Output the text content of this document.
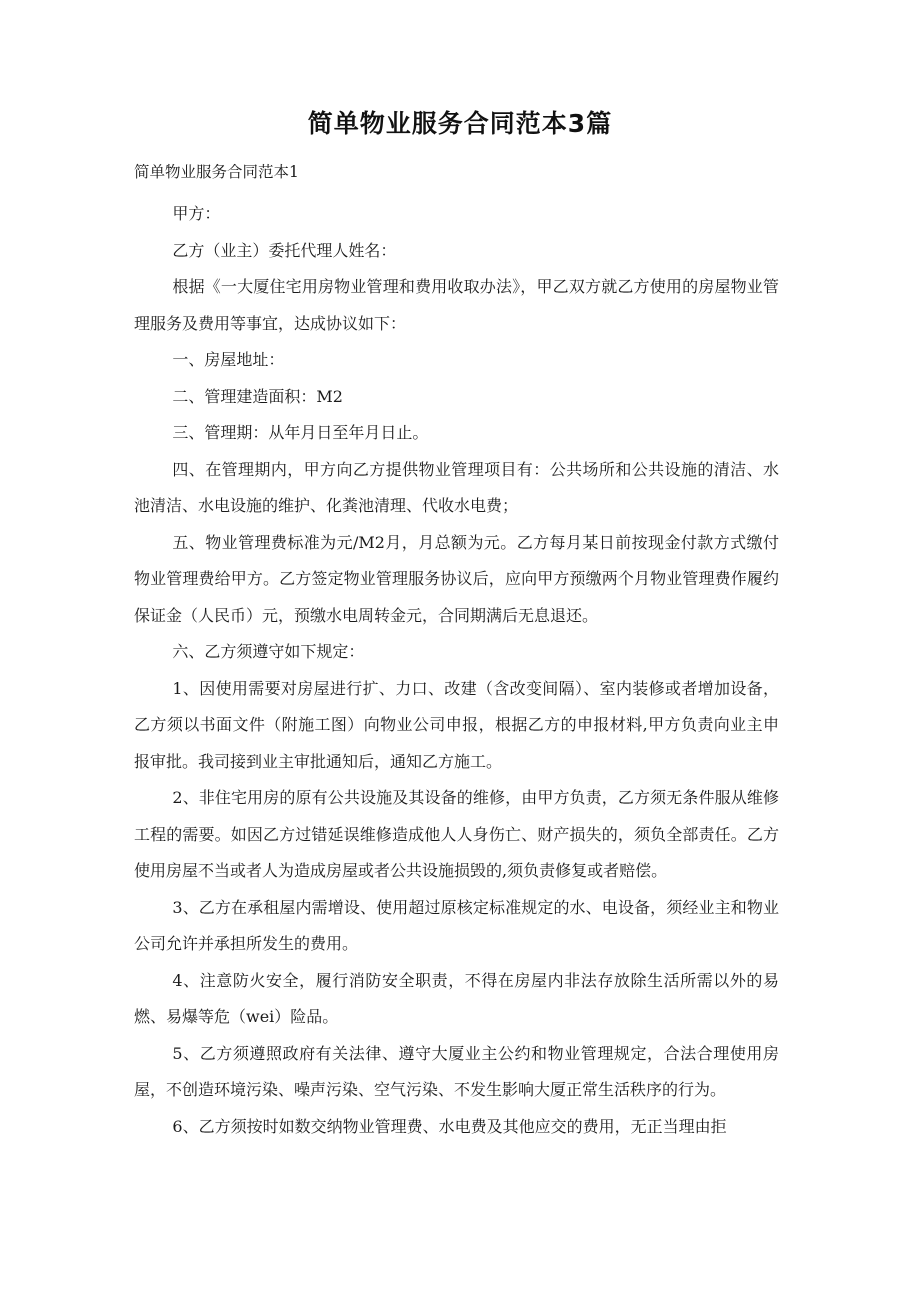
简单物业服务合同范本3篇
简单物业服务合同范本1

甲方：

乙方（业主）委托代理人姓名：

根据《一大厦住宅用房物业管理和费用收取办法》，甲乙双方就乙方使用的房屋物业管理服务及费用等事宜，达成协议如下：

一、房屋地址：

二、管理建造面积：M2

三、管理期：从年月日至年月日止。

四、在管理期内，甲方向乙方提供物业管理项目有：公共场所和公共设施的清洁、水池清洁、水电设施的维护、化粪池清理、代收水电费；

五、物业管理费标准为元/M2月，月总额为元。乙方每月某日前按现金付款方式缴付物业管理费给甲方。乙方签定物业管理服务协议后，应向甲方预缴两个月物业管理费作履约保证金（人民币）元，预缴水电周转金元，合同期满后无息退还。

六、乙方须遵守如下规定：

1、因使用需要对房屋进行扩、力口、改建（含改变间隔）、室内装修或者增加设备，乙方须以书面文件（附施工图）向物业公司申报，根据乙方的申报材料,甲方负责向业主申报审批。我司接到业主审批通知后，通知乙方施工。

2、非住宅用房的原有公共设施及其设备的维修，由甲方负责，乙方须无条件服从维修工程的需要。如因乙方过错延误维修造成他人人身伤亡、财产损失的，须负全部责任。乙方使用房屋不当或者人为造成房屋或者公共设施损毁的,须负责修复或者赔偿。

3、乙方在承租屋内需增设、使用超过原核定标准规定的水、电设备，须经业主和物业公司允许并承担所发生的费用。

4、注意防火安全，履行消防安全职责，不得在房屋内非法存放除生活所需以外的易燃、易爆等危（wei）险品。

5、乙方须遵照政府有关法律、遵守大厦业主公约和物业管理规定，合法合理使用房屋，不创造环境污染、噪声污染、空气污染、不发生影响大厦正常生活秩序的行为。

6、乙方须按时如数交纳物业管理费、水电费及其他应交的费用，无正当理由拒
